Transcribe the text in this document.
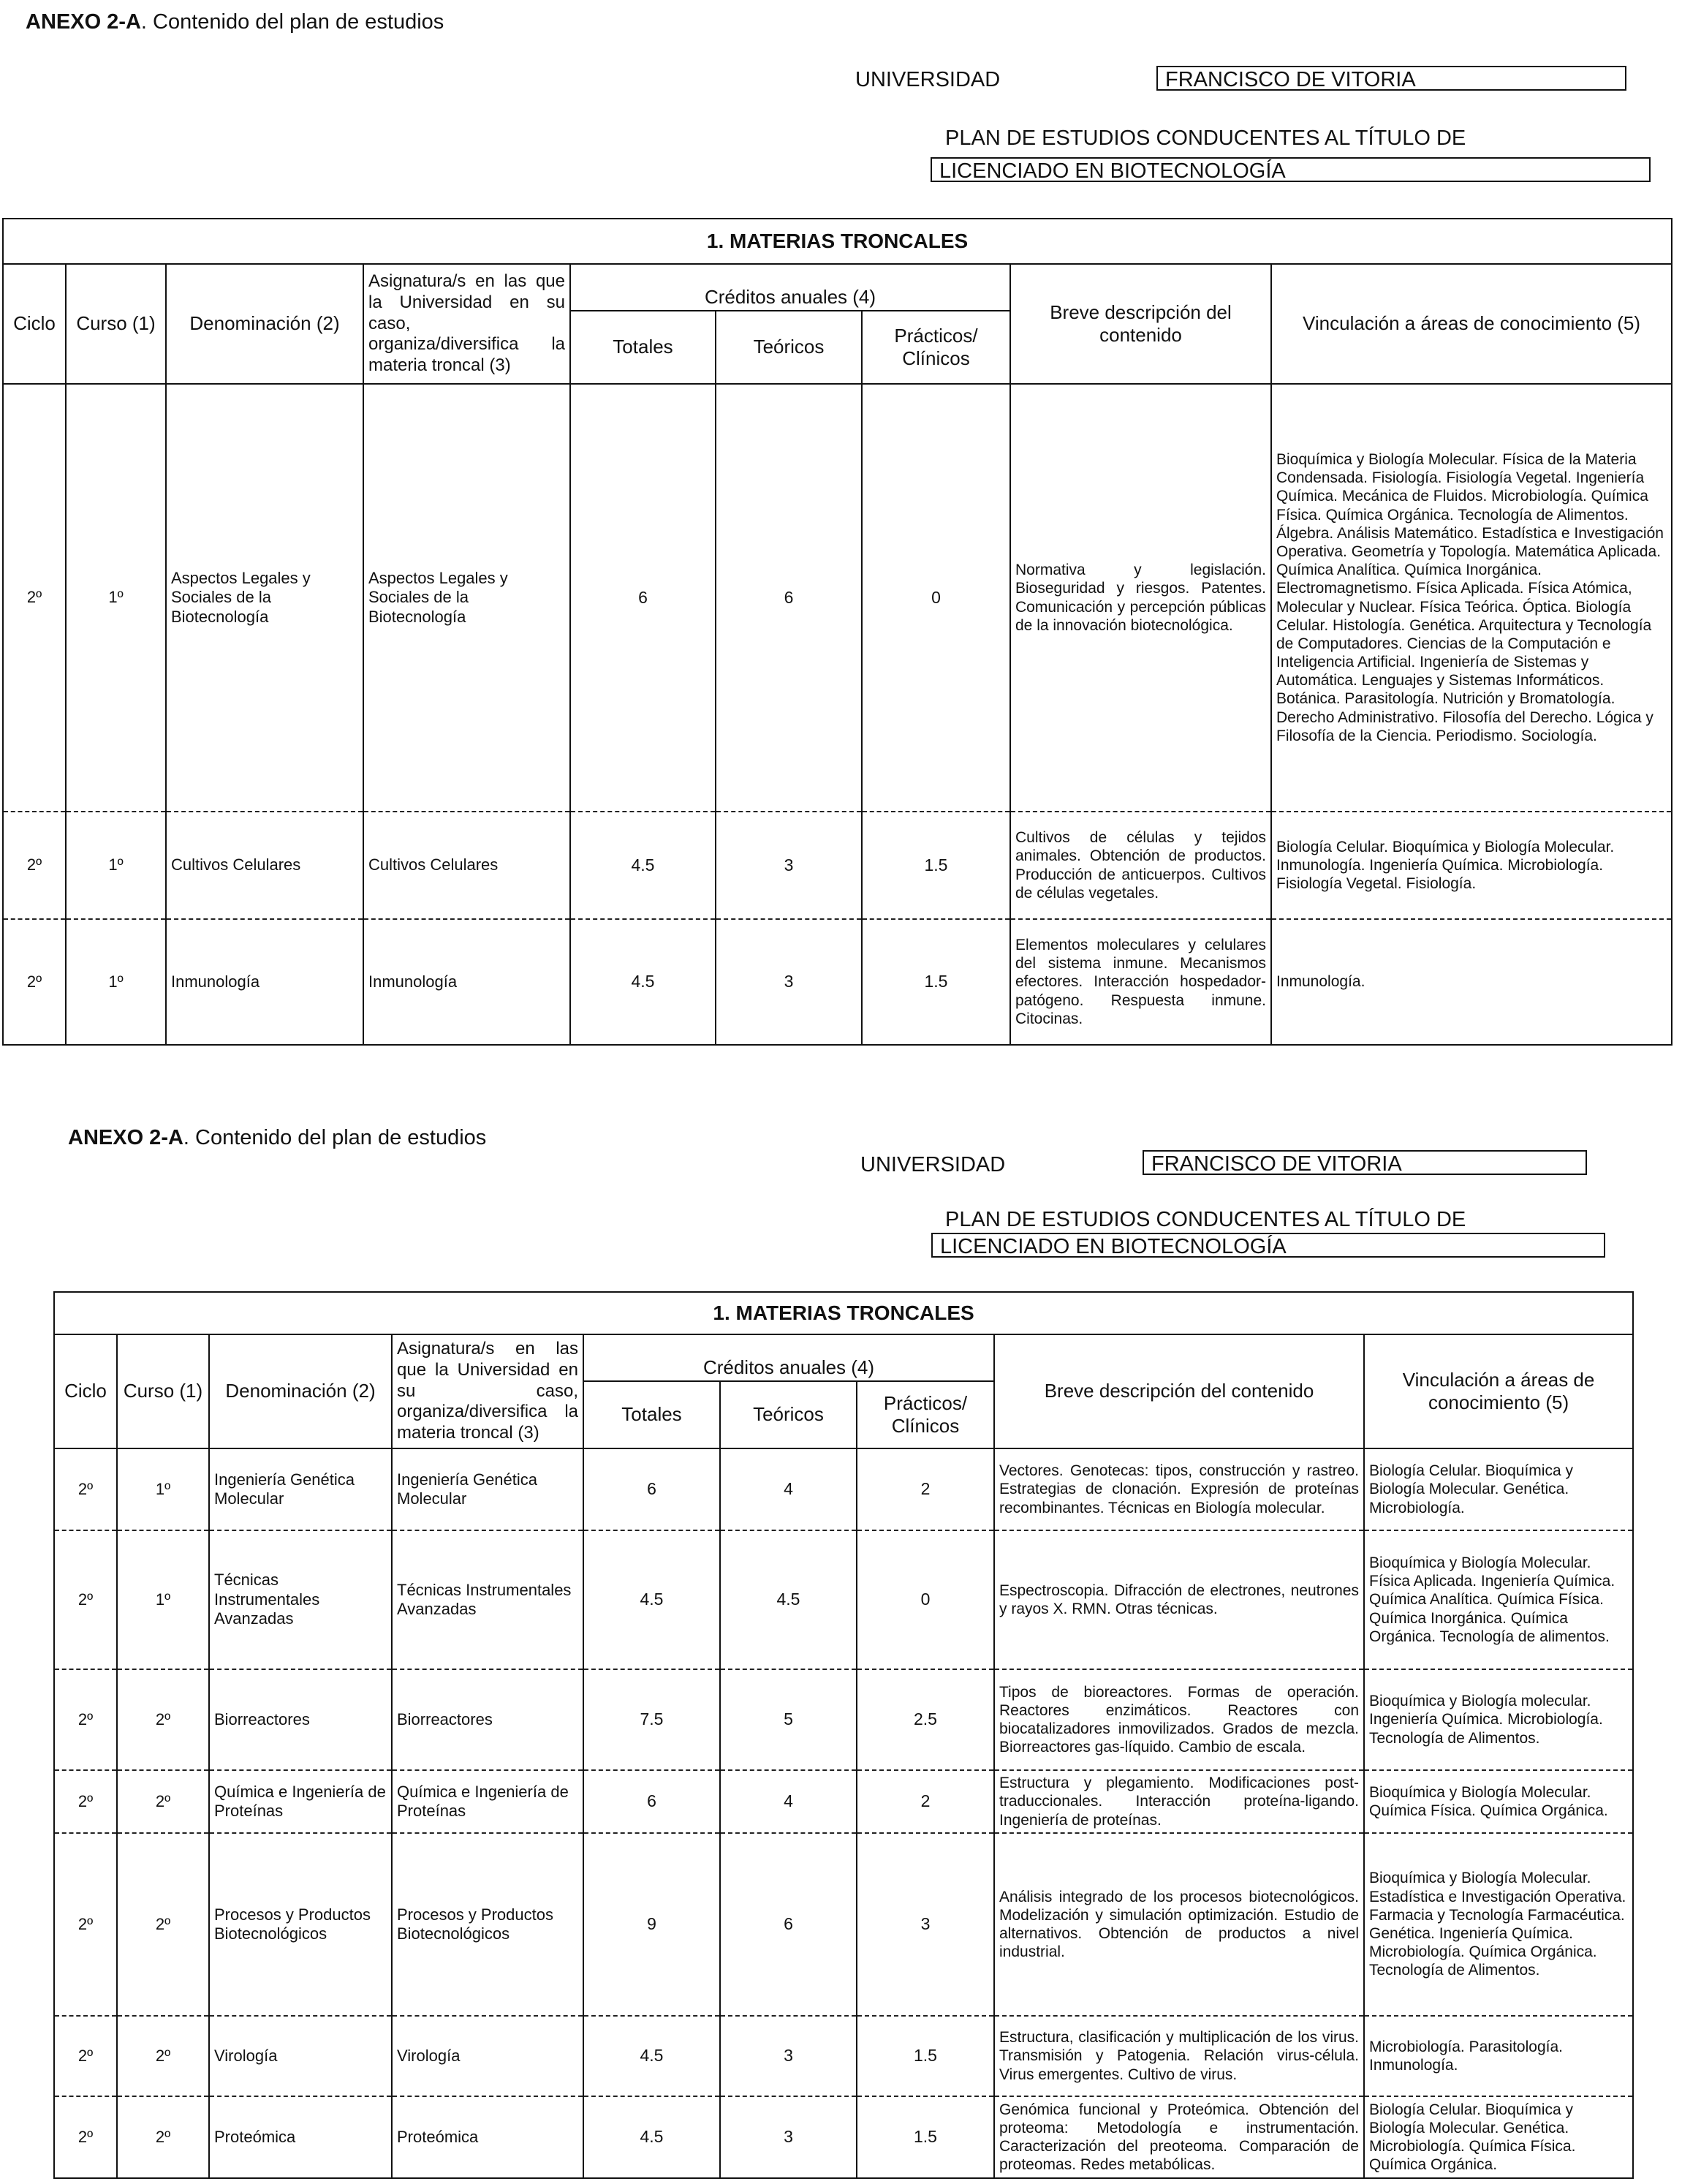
ANEXO 2-A. Contenido del plan de estudios
UNIVERSIDAD	FRANCISCO DE VITORIA
PLAN DE ESTUDIOS CONDUCENTES AL TÍTULO DE
LICENCIADO EN BIOTECNOLOGÍA
1. MATERIAS TRONCALES								
Ciclo	Curso (1)	Denominación (2)	Asignatura/s en las que la Universidad en su caso, organiza/diversifica la materia troncal (3)	Créditos anuales (4)			Breve descripción del contenido	Vinculación a áreas de conocimiento (5)
				Totales	Teóricos	Prácticos/ Clínicos		
2º	1º	Aspectos Legales y Sociales de la Biotecnología	Aspectos Legales y Sociales de la Biotecnología	6	6	0	Normativa y legislación. Bioseguridad y riesgos. Patentes. Comunicación y percepción públicas de la innovación biotecnológica.	Bioquímica y Biología Molecular. Física de la Materia Condensada. Fisiología. Fisiología Vegetal. Ingeniería Química. Mecánica de Fluidos. Microbiología. Química Física. Química Orgánica. Tecnología de Alimentos. Álgebra. Análisis Matemático. Estadística e Investigación Operativa. Geometría y Topología. Matemática Aplicada. Química Analítica. Química Inorgánica. Electromagnetismo. Física Aplicada. Física Atómica, Molecular y Nuclear. Física Teórica. Óptica. Biología Celular. Histología. Genética. Arquitectura y Tecnología de Computadores. Ciencias de la Computación e Inteligencia Artificial. Ingeniería de Sistemas y Automática. Lenguajes y Sistemas Informáticos. Botánica. Parasitología. Nutrición y Bromatología. Derecho Administrativo. Filosofía del Derecho. Lógica y Filosofía de la Ciencia. Periodismo. Sociología.
2º	1º	Cultivos Celulares	Cultivos Celulares	4.5	3	1.5	Cultivos de células y tejidos animales. Obtención de productos. Producción de anticuerpos. Cultivos de células vegetales.	Biología Celular. Bioquímica y Biología Molecular. Inmunología. Ingeniería Química. Microbiología. Fisiología Vegetal. Fisiología.
2º	1º	Inmunología	Inmunología	4.5	3	1.5	Elementos moleculares y celulares del sistema inmune. Mecanismos efectores. Interacción hospedador-patógeno. Respuesta inmune. Citocinas.	Inmunología.
ANEXO 2-A. Contenido del plan de estudios
UNIVERSIDAD	FRANCISCO DE VITORIA
PLAN DE ESTUDIOS CONDUCENTES AL TÍTULO DE
LICENCIADO EN BIOTECNOLOGÍA
1. MATERIAS TRONCALES								
Ciclo	Curso (1)	Denominación (2)	Asignatura/s en las que la Universidad en su caso, organiza/diversifica la materia troncal (3)	Créditos anuales (4)			Breve descripción del contenido	Vinculación a áreas de conocimiento (5)
				Totales	Teóricos	Prácticos/ Clínicos		
2º	1º	Ingeniería Genética Molecular	Ingeniería Genética Molecular	6	4	2	Vectores. Genotecas: tipos, construcción y rastreo. Estrategias de clonación. Expresión de proteínas recombinantes. Técnicas en Biología molecular.	Biología Celular. Bioquímica y Biología Molecular. Genética. Microbiología.
2º	1º	Técnicas Instrumentales Avanzadas	Técnicas Instrumentales Avanzadas	4.5	4.5	0	Espectroscopia. Difracción de electrones, neutrones y rayos X. RMN. Otras técnicas.	Bioquímica y Biología Molecular. Física Aplicada. Ingeniería Química. Química Analítica. Química Física. Química Inorgánica. Química Orgánica. Tecnología de alimentos.
2º	2º	Biorreactores	Biorreactores	7.5	5	2.5	Tipos de bioreactores. Formas de operación. Reactores enzimáticos. Reactores con biocatalizadores inmovilizados. Grados de mezcla. Biorreactores gas-líquido. Cambio de escala.	Bioquímica y Biología molecular. Ingeniería Química. Microbiología. Tecnología de Alimentos.
2º	2º	Química e Ingeniería de Proteínas	Química e Ingeniería de Proteínas	6	4	2	Estructura y plegamiento. Modificaciones post-traduccionales. Interacción proteína-ligando. Ingeniería de proteínas.	Bioquímica y Biología Molecular. Química Física. Química Orgánica.
2º	2º	Procesos y Productos Biotecnológicos	Procesos y Productos Biotecnológicos	9	6	3	Análisis integrado de los procesos biotecnológicos. Modelización y simulación optimización. Estudio de alternativos. Obtención de productos a nivel industrial.	Bioquímica y Biología Molecular. Estadística e Investigación Operativa. Farmacia y Tecnología Farmacéutica. Genética. Ingeniería Química. Microbiología. Química Orgánica. Tecnología de Alimentos.
2º	2º	Virología	Virología	4.5	3	1.5	Estructura, clasificación y multiplicación de los virus. Transmisión y Patogenia. Relación virus-célula. Virus emergentes. Cultivo de virus.	Microbiología. Parasitología. Inmunología.
2º	2º	Proteómica	Proteómica	4.5	3	1.5	Genómica funcional y Proteómica. Obtención del proteoma: Metodología e instrumentación. Caracterización del preoteoma. Comparación de proteomas. Redes metabólicas.	Biología Celular. Bioquímica y Biología Molecular. Genética. Microbiología. Química Física. Química Orgánica.
